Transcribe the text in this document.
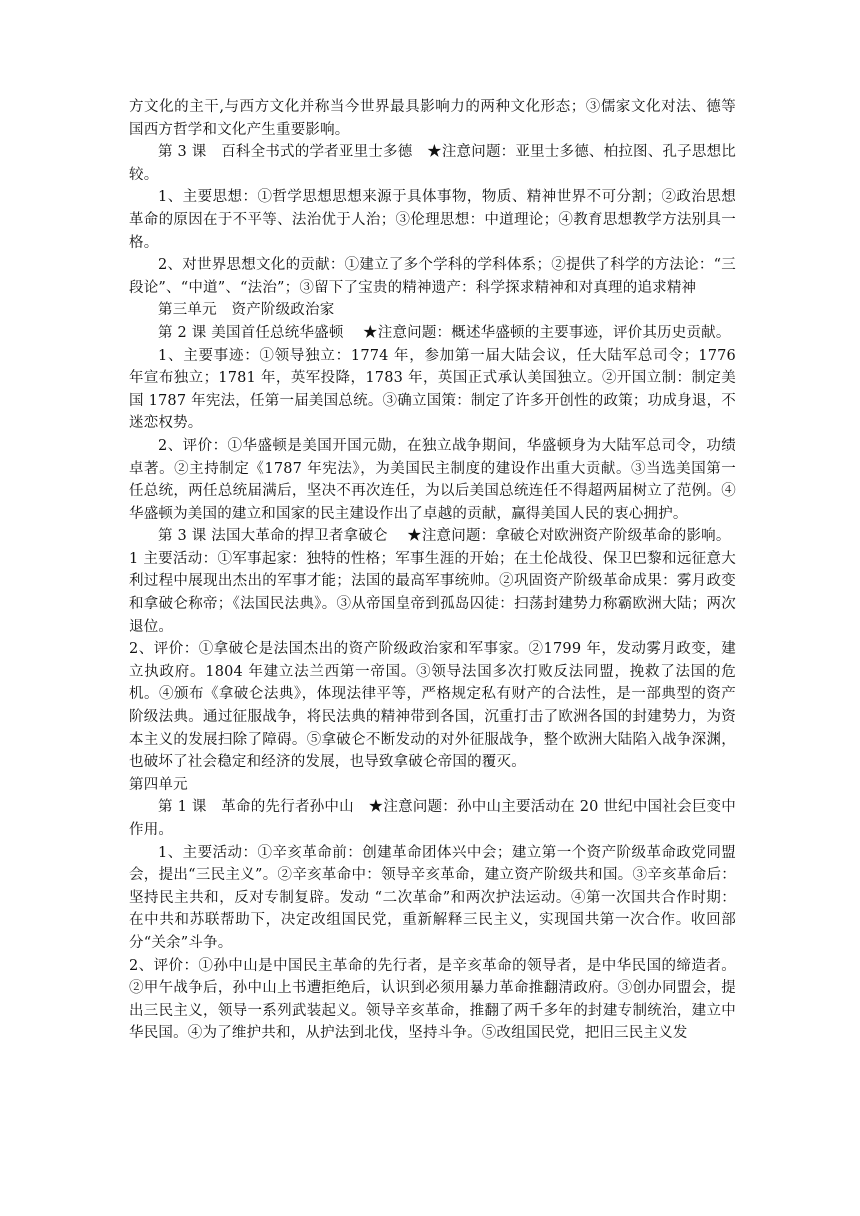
方文化的主干,与西方文化并称当今世界最具影响力的两种文化形态；③儒家文化对法、德等国西方哲学和文化产生重要影响。

第 3 课　百科全书式的学者亚里士多德　★注意问题：亚里士多德、柏拉图、孔子思想比较。

1、主要思想：①哲学思想思想来源于具体事物，物质、精神世界不可分割；②政治思想革命的原因在于不平等、法治优于人治；③伦理思想：中道理论；④教育思想教学方法别具一格。

2、对世界思想文化的贡献：①建立了多个学科的学科体系；②提供了科学的方法论：“三段论”、“中道”、“法治”；③留下了宝贵的精神遗产：科学探求精神和对真理的追求精神

第三单元　资产阶级政治家

第 2 课 美国首任总统华盛顿　 ★注意问题：概述华盛顿的主要事迹，评价其历史贡献。

1、主要事迹：①领导独立：1774 年，参加第一届大陆会议，任大陆军总司令；1776 年宣布独立；1781 年，英军投降，1783 年，英国正式承认美国独立。②开国立制：制定美国 1787 年宪法，任第一届美国总统。③确立国策：制定了许多开创性的政策；功成身退，不迷恋权势。

2、评价：①华盛顿是美国开国元勋，在独立战争期间，华盛顿身为大陆军总司令，功绩卓著。②主持制定《1787 年宪法》，为美国民主制度的建设作出重大贡献。③当选美国第一任总统，两任总统届满后，坚决不再次连任，为以后美国总统连任不得超两届树立了范例。④华盛顿为美国的建立和国家的民主建设作出了卓越的贡献，赢得美国人民的衷心拥护。

第 3 课 法国大革命的捍卫者拿破仑　 ★注意问题：拿破仑对欧洲资产阶级革命的影响。

1 主要活动：①军事起家：独特的性格；军事生涯的开始；在土伦战役、保卫巴黎和远征意大利过程中展现出杰出的军事才能；法国的最高军事统帅。②巩固资产阶级革命成果：雾月政变和拿破仑称帝；《法国民法典》。③从帝国皇帝到孤岛囚徒：扫荡封建势力称霸欧洲大陆；两次退位。

2、评价：①拿破仑是法国杰出的资产阶级政治家和军事家。②1799 年，发动雾月政变，建立执政府。1804 年建立法兰西第一帝国。③领导法国多次打败反法同盟，挽救了法国的危机。④颁布《拿破仑法典》，体现法律平等，严格规定私有财产的合法性，是一部典型的资产阶级法典。通过征服战争，将民法典的精神带到各国，沉重打击了欧洲各国的封建势力，为资本主义的发展扫除了障碍。⑤拿破仑不断发动的对外征服战争，整个欧洲大陆陷入战争深渊，也破坏了社会稳定和经济的发展，也导致拿破仑帝国的覆灭。

第四单元

第 1 课　革命的先行者孙中山　★注意问题：孙中山主要活动在 20 世纪中国社会巨变中作用。

1、主要活动：①辛亥革命前：创建革命团体兴中会；建立第一个资产阶级革命政党同盟会，提出“三民主义”。②辛亥革命中：领导辛亥革命，建立资产阶级共和国。③辛亥革命后：坚持民主共和，反对专制复辟。发动 “二次革命”和两次护法运动。④第一次国共合作时期：在中共和苏联帮助下，决定改组国民党，重新解释三民主义，实现国共第一次合作。收回部分“关余”斗争。

2、评价：①孙中山是中国民主革命的先行者，是辛亥革命的领导者，是中华民国的缔造者。②甲午战争后，孙中山上书遭拒绝后，认识到必须用暴力革命推翻清政府。③创办同盟会，提出三民主义，领导一系列武装起义。领导辛亥革命，推翻了两千多年的封建专制统治，建立中华民国。④为了维护共和，从护法到北伐，坚持斗争。⑤改组国民党，把旧三民主义发
